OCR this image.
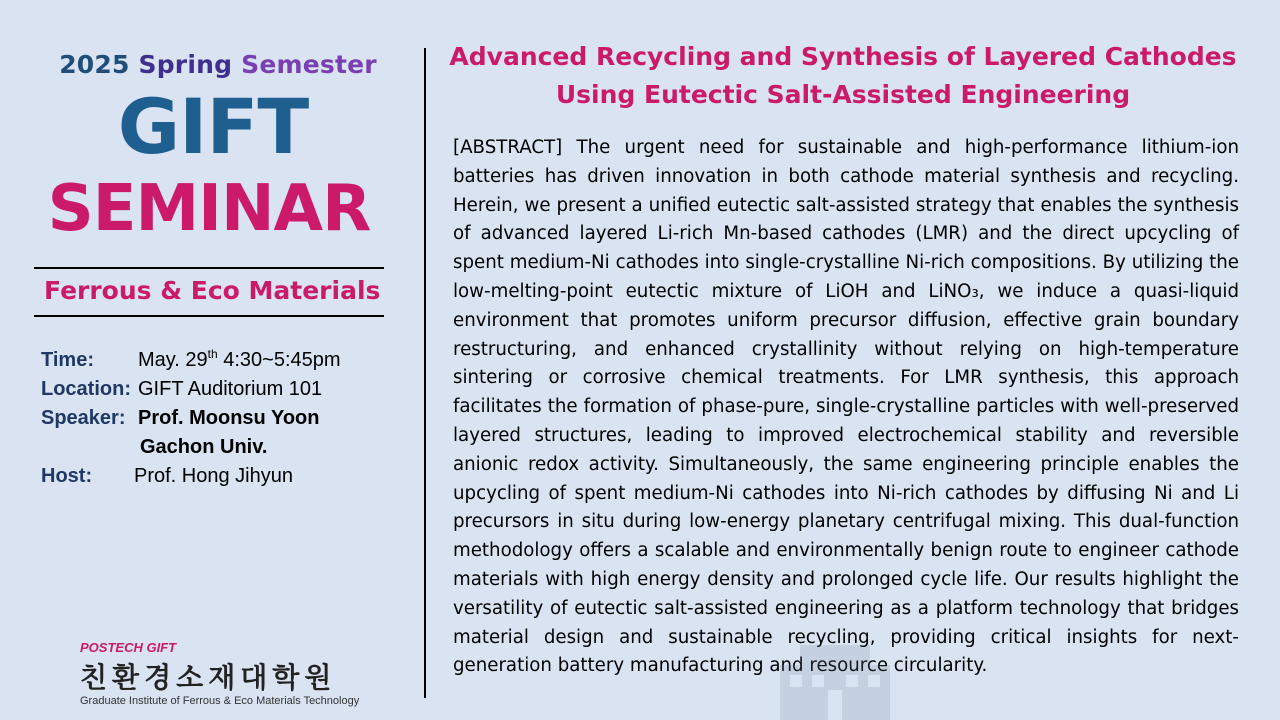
2025 Spring Semester
GIFT
SEMINAR
Ferrous & Eco Materials
Time: May. 29th 4:30~5:45pm
Location: GIFT Auditorium 101
Speaker: Prof. Moonsu Yoon
Gachon Univ.
Host: Prof. Hong Jihyun
POSTECH GIFT
친환경소재대학원
Graduate Institute of Ferrous & Eco Materials Technology
Advanced Recycling and Synthesis of Layered Cathodes
Using Eutectic Salt-Assisted Engineering
[ABSTRACT] The urgent need for sustainable and high-performance lithium-ion batteries has driven innovation in both cathode material synthesis and recycling. Herein, we present a unified eutectic salt-assisted strategy that enables the synthesis of advanced layered Li-rich Mn-based cathodes (LMR) and the direct upcycling of spent medium-Ni cathodes into single-crystalline Ni-rich compositions. By utilizing the low-melting-point eutectic mixture of LiOH and LiNO₃, we induce a quasi-liquid environment that promotes uniform precursor diffusion, effective grain boundary restructuring, and enhanced crystallinity without relying on high-temperature sintering or corrosive chemical treatments. For LMR synthesis, this approach facilitates the formation of phase-pure, single-crystalline particles with well-preserved layered structures, leading to improved electrochemical stability and reversible anionic redox activity. Simultaneously, the same engineering principle enables the upcycling of spent medium-Ni cathodes into Ni-rich cathodes by diffusing Ni and Li precursors in situ during low-energy planetary centrifugal mixing. This dual-function methodology offers a scalable and environmentally benign route to engineer cathode materials with high energy density and prolonged cycle life. Our results highlight the versatility of eutectic salt-assisted engineering as a platform technology that bridges material design and sustainable recycling, providing critical insights for next-generation battery manufacturing and resource circularity.
